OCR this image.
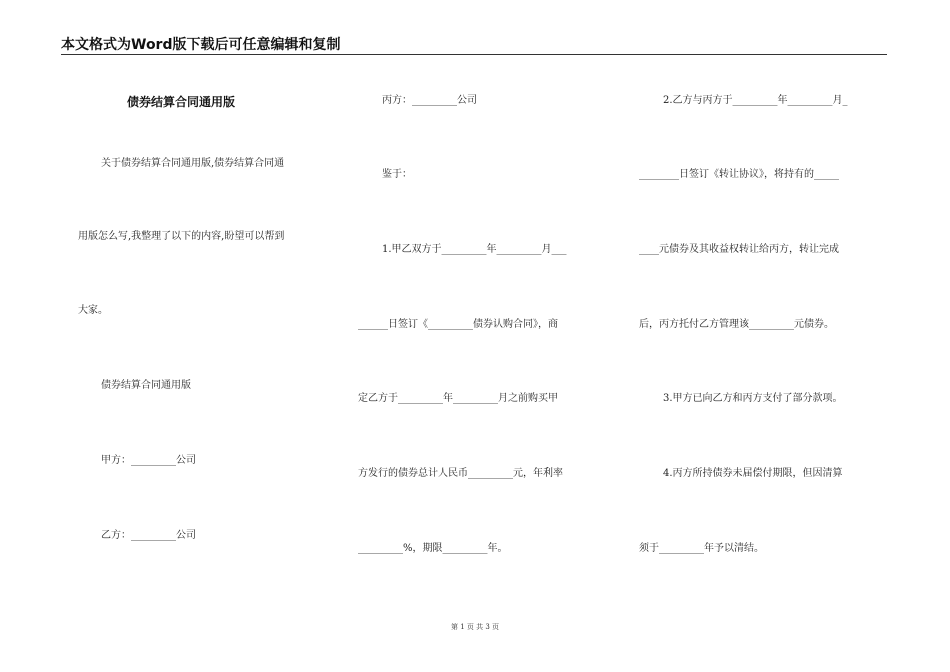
本文格式为Word版下载后可任意编辑和复制
债券结算合同通用版
关于债券结算合同通用版,债券结算合同通
用版怎么写,我整理了以下的内容,盼望可以帮到
大家。
债券结算合同通用版
甲方：_________公司
乙方：_________公司
丙方：_________公司
鉴于：
1.甲乙双方于_________年_________月___
______日签订《_________债券认购合同》，商
定乙方于_________年_________月之前购买甲
方发行的债券总计人民币_________元，年利率
_________%，期限_________年。
2.乙方与丙方于_________年_________月_
________日签订《转让协议》，将持有的_____
____元债券及其收益权转让给丙方，转让完成
后，丙方托付乙方管理该_________元债券。
3.甲方已向乙方和丙方支付了部分款项。
4.丙方所持债券未届偿付期限，但因清算
须于_________年予以清结。
第 1 页 共 3 页
